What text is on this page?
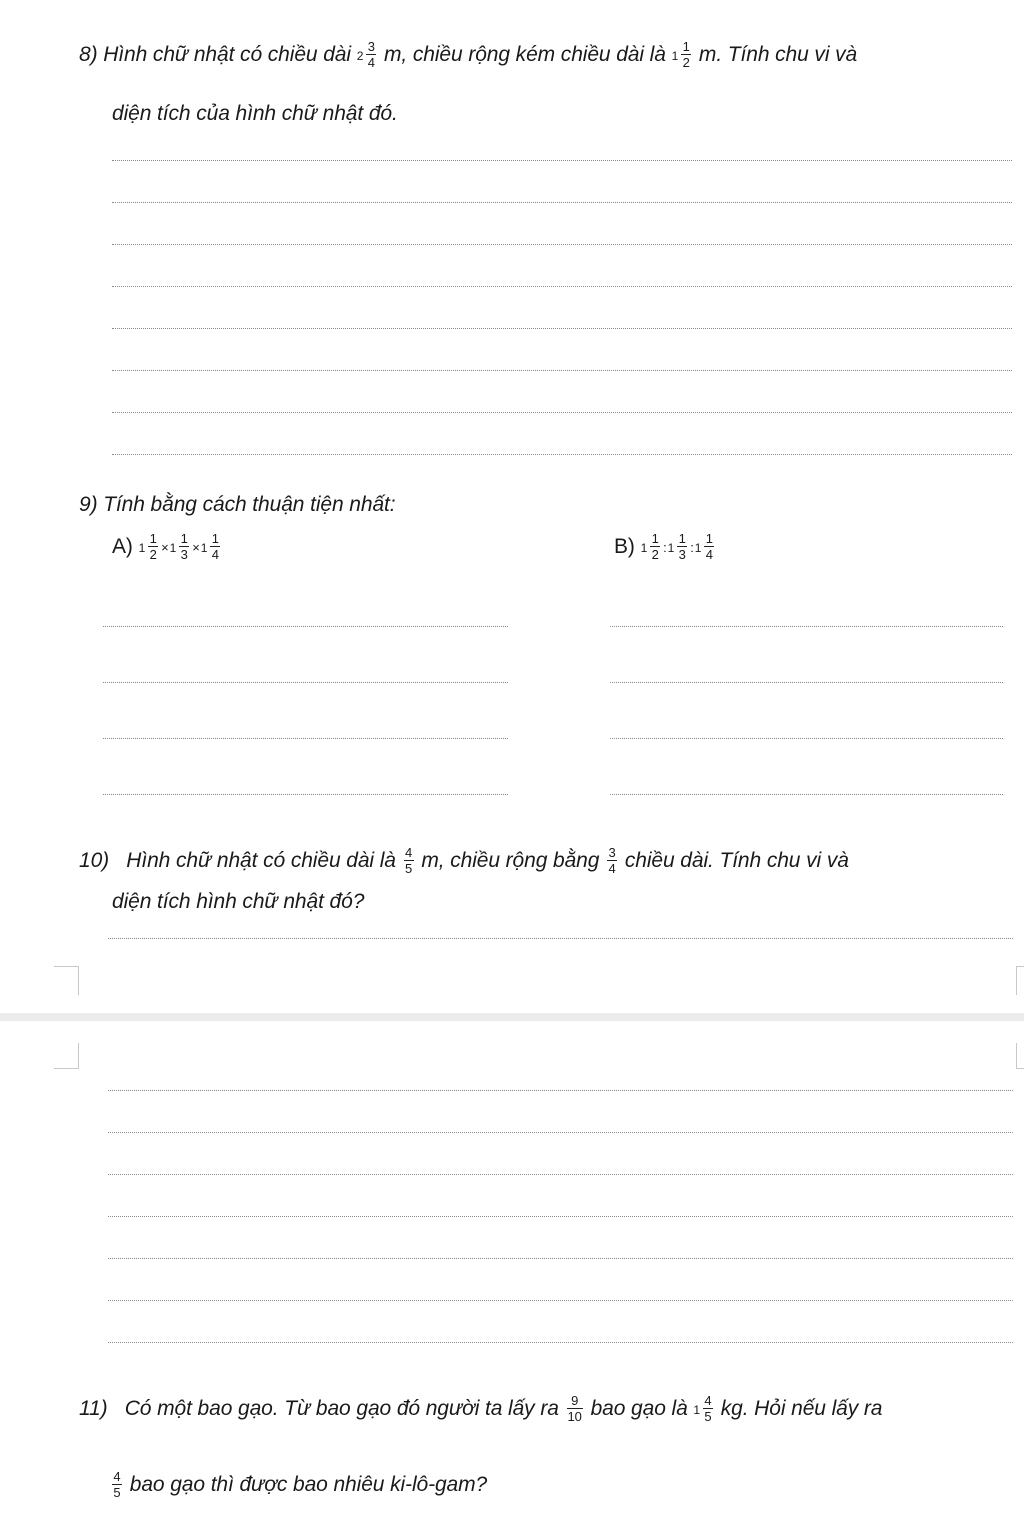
8) Hình chữ nhật có chiều dài $2 \frac{3}{4} m$, chiều rộng kém chiều dài là $1 \frac{1}{2} m$. Tính chu vi và
diện tích của hình chữ nhật đó.
9) Tính bằng cách thuận tiện nhất:
A) $1 \frac{1}{2} \times 1 \frac{1}{3} \times 1 \frac{1}{4}$	B) $1 \frac{1}{2}$ :1 $\frac{1}{3}$ :1 $\frac{1}{4}$
10) Hình chữ nhật có chiều dài là $\frac{4}{5} m$, chiều rộng bằng $\frac{3}{4}$ chiều dài. Tính chu vi và
diện tích hình chữ nhật đó?
11) Có một bao gạo. Từ bao gạo đó người ta lấy ra $\frac{9}{10}$ bao gạo là $1 \frac{4}{5}$ kg. Hỏi nếu lấy ra
$\frac{4}{5}$ bao gạo thì được bao nhiêu ki-lô-gam?
